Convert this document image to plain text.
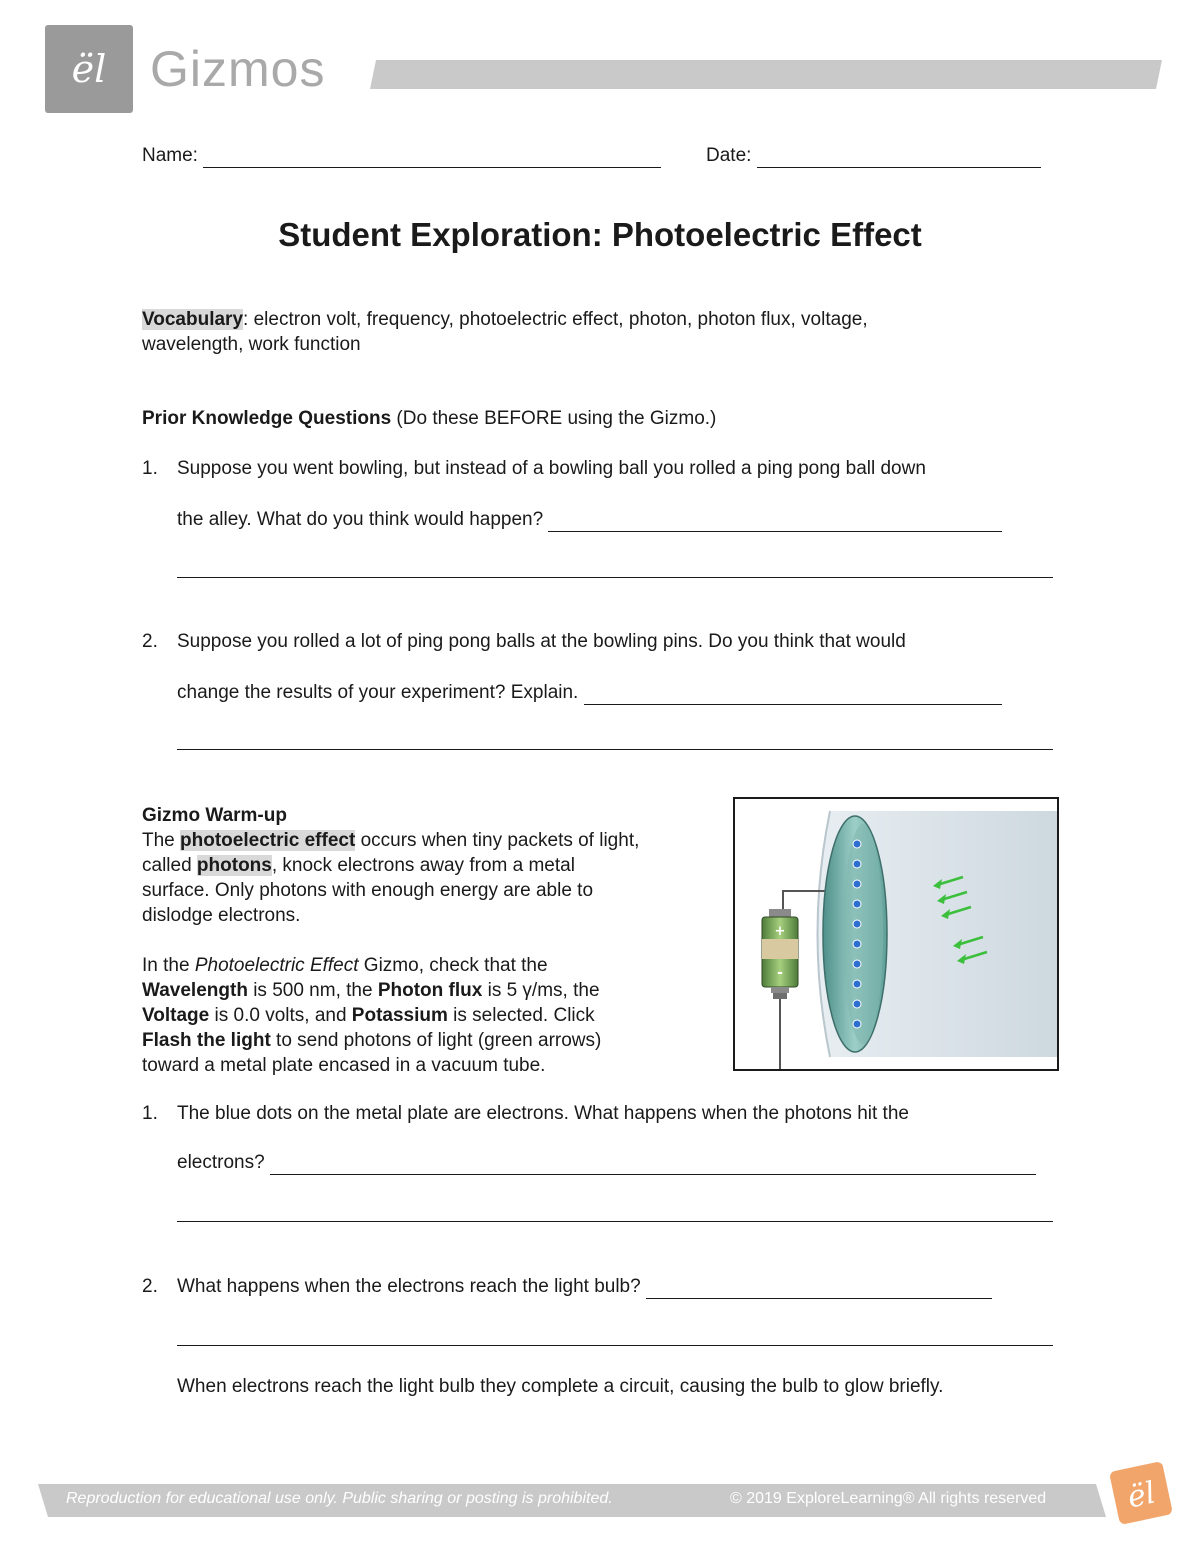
ël Gizmos
Name:	Date:
Student Exploration: Photoelectric Effect
Vocabulary: electron volt, frequency, photoelectric effect, photon, photon flux, voltage,
wavelength, work function
Prior Knowledge Questions (Do these BEFORE using the Gizmo.)
1. Suppose you went bowling, but instead of a bowling ball you rolled a ping pong ball down
the alley. What do you think would happen?
2. Suppose you rolled a lot of ping pong balls at the bowling pins. Do you think that would
change the results of your experiment? Explain.
Gizmo Warm-up
The photoelectric effect occurs when tiny packets of light,
called photons, knock electrons away from a metal
surface. Only photons with enough energy are able to
dislodge electrons.
In the Photoelectric Effect Gizmo, check that the
Wavelength is 500 nm, the Photon flux is 5 γ/ms, the
Voltage is 0.0 volts, and Potassium is selected. Click
Flash the light to send photons of light (green arrows)
toward a metal plate encased in a vacuum tube.
+
-
1. The blue dots on the metal plate are electrons. What happens when the photons hit the
electrons?
2. What happens when the electrons reach the light bulb?
When electrons reach the light bulb they complete a circuit, causing the bulb to glow briefly.
Reproduction for educational use only. Public sharing or posting is prohibited.	© 2019 ExploreLearning® All rights reserved	ël
